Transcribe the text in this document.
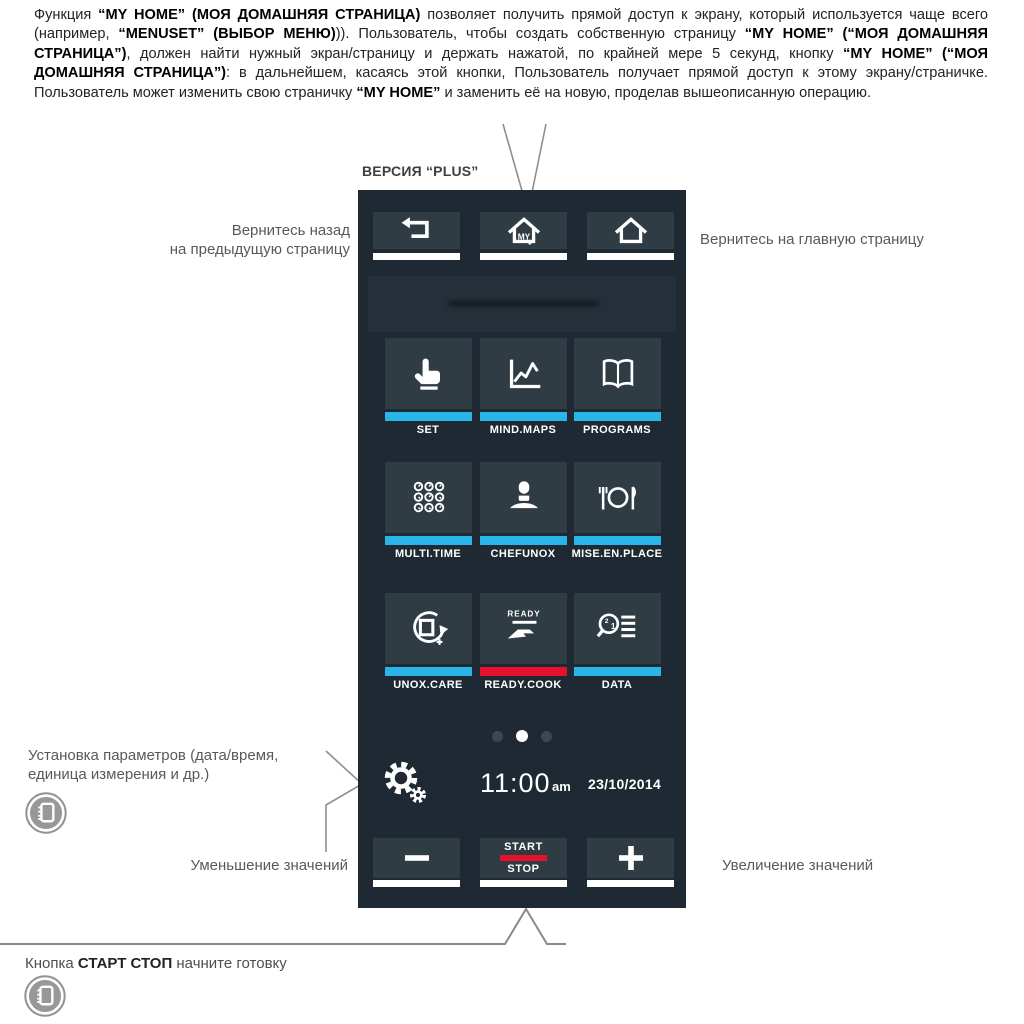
Функция “MY HOME” (МОЯ ДОМАШНЯЯ СТРАНИЦА) позволяет получить прямой доступ к экрану, который используется чаще всего (например, “MENUSET” (ВЫБОР МЕНЮ))). Пользователь, чтобы создать собственную страницу “MY HOME” (“МОЯ ДОМАШНЯЯ СТРАНИЦА”), должен найти нужный экран/страницу и держать нажатой, по крайней мере 5 секунд, кнопку “MY HOME” (“МОЯ ДОМАШНЯЯ СТРАНИЦА”): в дальнейшем, касаясь этой кнопки, Пользователь получает прямой доступ к этому экрану/страничке. Пользователь может изменить свою страничку “MY HOME” и заменить её на новую, проделав вышеописанную операцию.

ВЕРСИЯ “PLUS”
Вернитесь назад
на предыдущую страницу
Вернитесь на главную страницу
Установка параметров (дата/время,
единица измерения и др.)
Уменьшение значений	Увеличение значений
MY
SET	MIND.MAPS	PROGRAMS
MULTI.TIME	CHEFUNOX	MISE.EN.PLACE
READY
2
1
UNOX.CARE	READY.COOK	DATA
11:00 am 23/10/2014
START
STOP
Кнопка СТАРТ СТОП начните готовку
